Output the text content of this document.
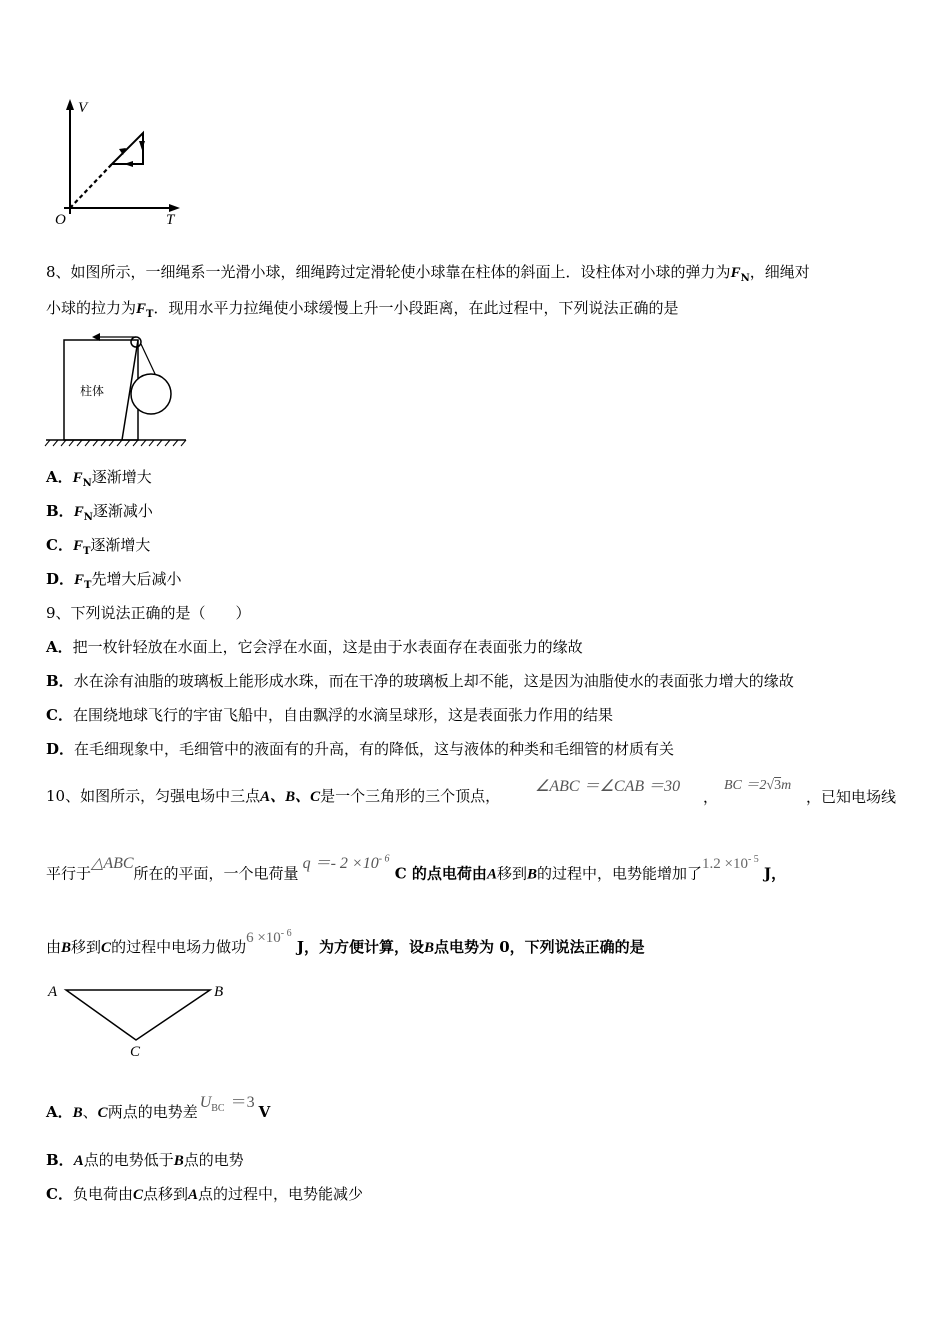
V
T
O
8、如图所示，一细绳系一光滑小球，细绳跨过定滑轮使小球靠在柱体的斜面上．设柱体对小球的弹力为$F_N$，细绳对
小球的拉力为$F_T$．现用水平力拉绳使小球缓慢上升一小段距离，在此过程中，下列说法正确的是
柱体
A．$F_N$逐渐增大
B．$F_N$逐渐减小
C．$F_T$逐渐增大
D．$F_T$先增大后减小
9、下列说法正确的是（　　）
A．把一枚针轻放在水面上，它会浮在水面，这是由于水表面存在表面张力的缘故
B．水在涂有油脂的玻璃板上能形成水珠，而在干净的玻璃板上却不能，这是因为油脂使水的表面张力增大的缘故
C．在围绕地球飞行的宇宙飞船中，自由飘浮的水滴呈球形，这是表面张力作用的结果
D．在毛细现象中，毛细管中的液面有的升高，有的降低，这与液体的种类和毛细管的材质有关
10、如图所示，匀强电场中三点A、B、C是一个三角形的三个顶点，
∠ABC ＝∠CAB ＝30
，
BC ＝2√3m
，已知电场线
平行于△ABC所在的平面，一个电荷量$q =- 2 \times 10^{- 6}$ C 的点电荷由A移到B的过程中，电势能增加了$1.2 \times 10^{- 5}$ J，
由B移到C的过程中电场力做功$6 \times 10^{- 6}$ J，为方便计算，设B点电势为 0，下列说法正确的是
A	B
C
A．B、C两点的电势差$U_{BC} =3V$
B．A点的电势低于B点的电势
C．负电荷由C点移到A点的过程中，电势能减少
